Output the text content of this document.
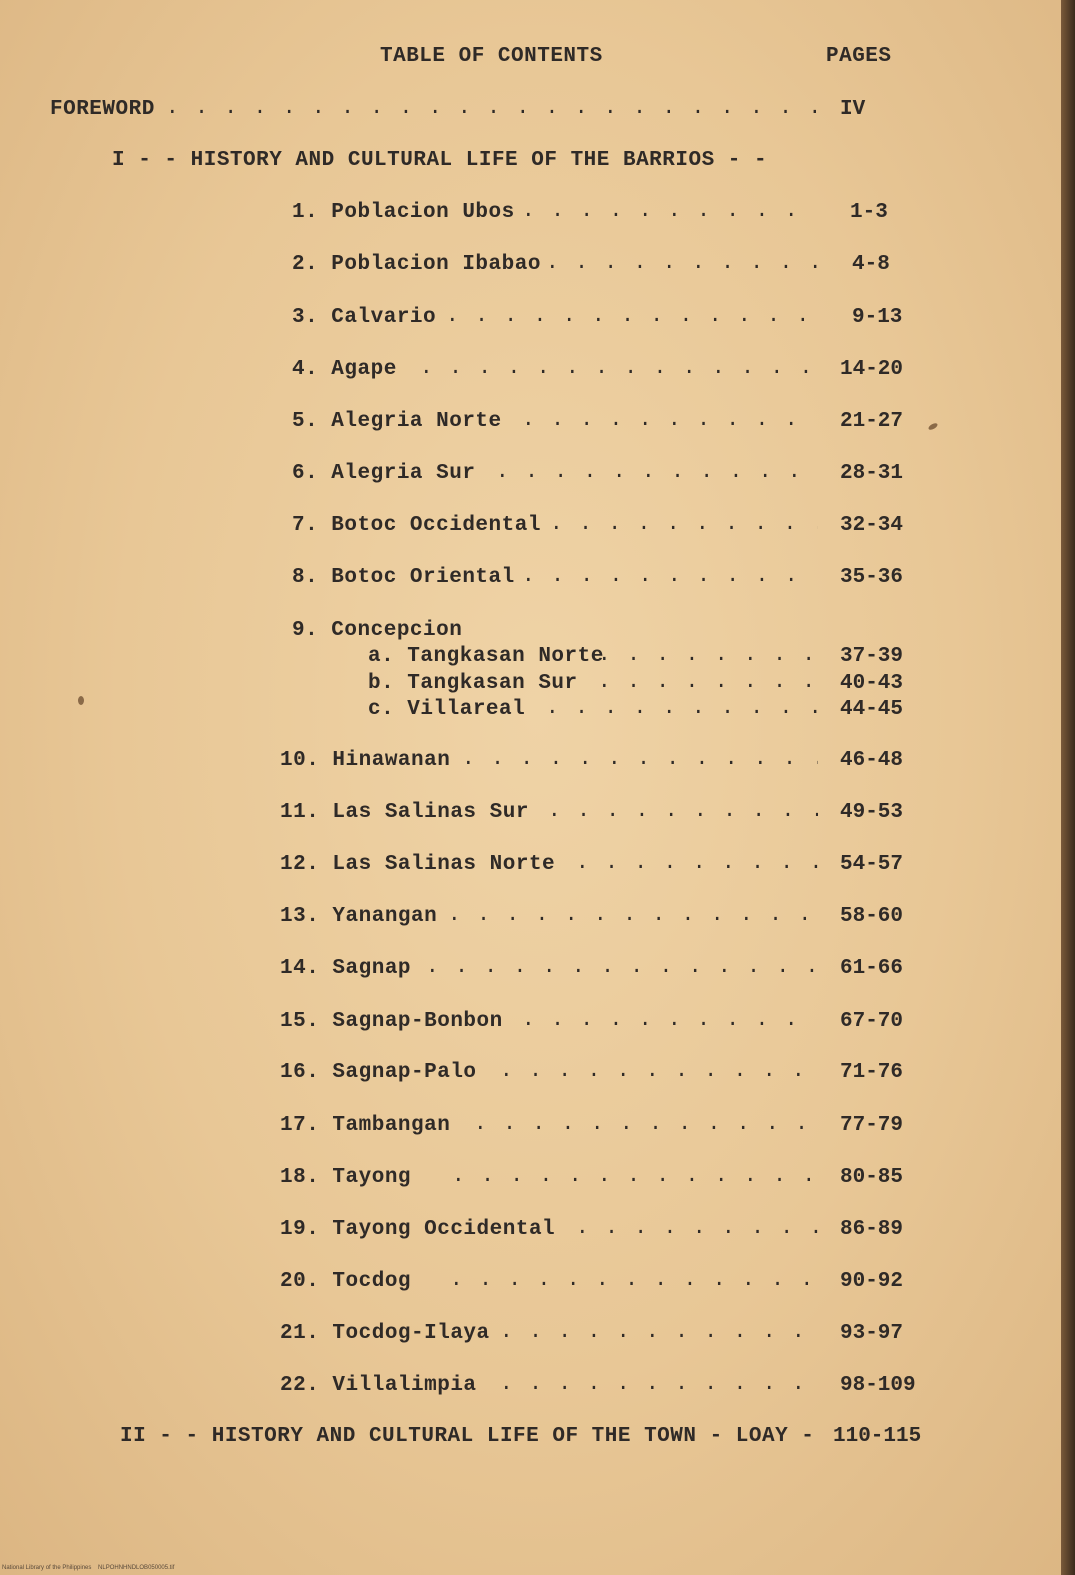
TABLE OF CONTENTS	PAGES
FOREWORD . . .	IV
I - - HISTORY AND CULTURAL LIFE OF THE BARRIOS - -
1. Poblacion Ubos . . .	1-3
2. Poblacion Ibabao . . .	4-8
3. Calvario . . .	9-13
4. Agape . . .	14-20
5. Alegria Norte . . .	21-27
6. Alegria Sur . . .	28-31
7. Botoc Occidental . . .	32-34
8. Botoc Oriental . . .	35-36
9. Concepcion
a. Tangkasan Norte . . .	37-39
b. Tangkasan Sur . . .	40-43
c. Villareal . . .	44-45
10. Hinawanan . . .	46-48
11. Las Salinas Sur . . .	49-53
12. Las Salinas Norte . . .	54-57
13. Yanangan . . .	58-60
14. Sagnap . . .	61-66
15. Sagnap-Bonbon . . .	67-70
16. Sagnap-Palo . . .	71-76
17. Tambangan . . .	77-79
18. Tayong . . .	80-85
19. Tayong Occidental . . .	86-89
20. Tocdog . . .	90-92
21. Tocdog-Ilaya . . .	93-97
22. Villalimpia . . .	98-109
II - - HISTORY AND CULTURAL LIFE OF THE TOWN - LOAY - 110-115
National Library of the Philippines    NLPOHNHNDLOB050005.tif
